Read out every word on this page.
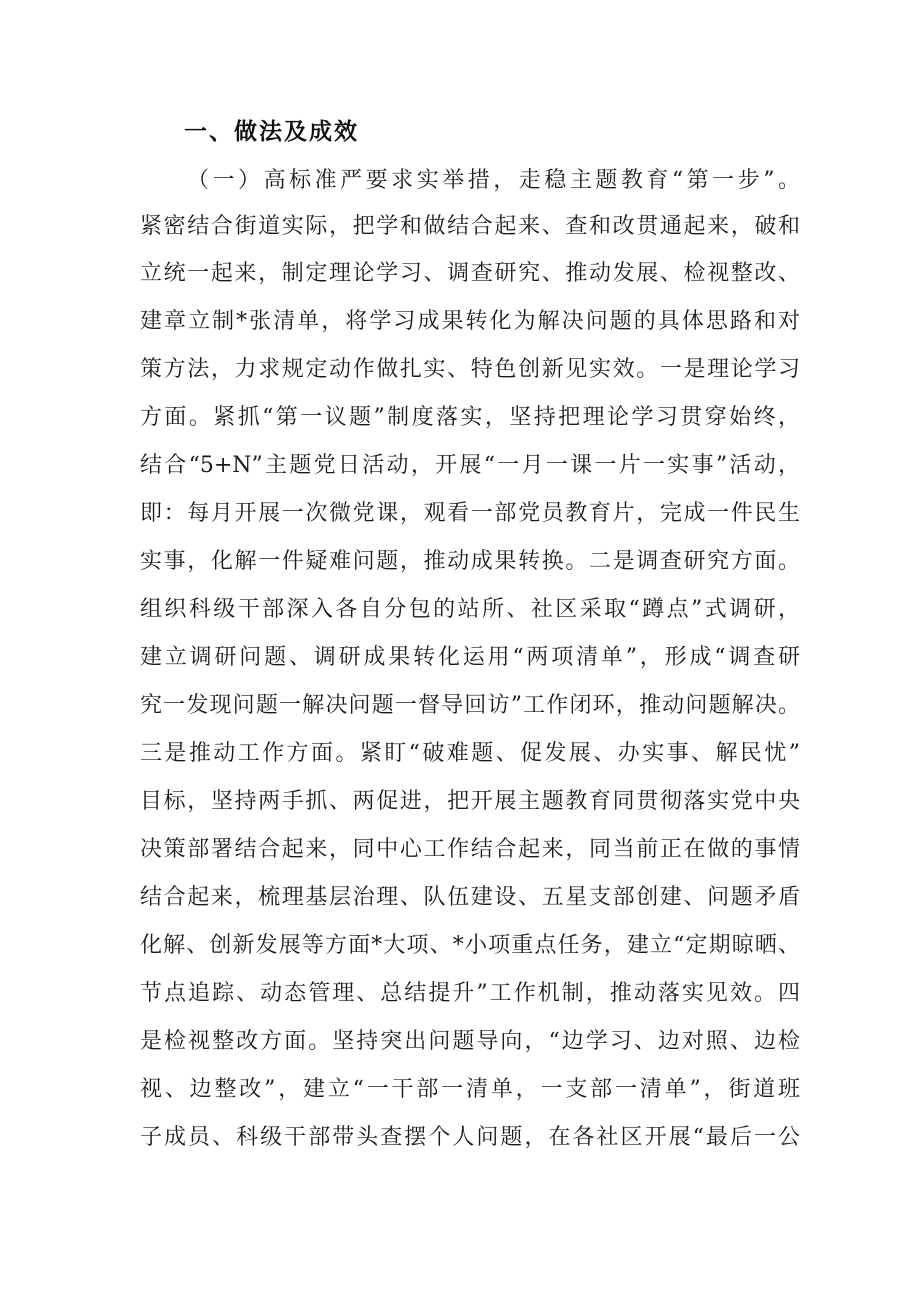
一、做法及成效
（一）高标准严要求实举措，走稳主题教育“第一步”。
紧密结合街道实际，把学和做结合起来、查和改贯通起来，破和
立统一起来，制定理论学习、调查研究、推动发展、检视整改、
建章立制*张清单，将学习成果转化为解决问题的具体思路和对
策方法，力求规定动作做扎实、特色创新见实效。一是理论学习
方面。紧抓“第一议题”制度落实，坚持把理论学习贯穿始终，
结合“5+N”主题党日活动，开展“一月一课一片一实事”活动，
即：每月开展一次微党课，观看一部党员教育片，完成一件民生
实事，化解一件疑难问题，推动成果转换。二是调查研究方面。
组织科级干部深入各自分包的站所、社区采取“蹲点”式调研，
建立调研问题、调研成果转化运用“两项清单”，形成“调查研
究一发现问题一解决问题一督导回访”工作闭环，推动问题解决。
三是推动工作方面。紧盯“破难题、促发展、办实事、解民忧”
目标，坚持两手抓、两促进，把开展主题教育同贯彻落实党中央
决策部署结合起来，同中心工作结合起来，同当前正在做的事情
结合起来，梳理基层治理、队伍建设、五星支部创建、问题矛盾
化解、创新发展等方面*大项、*小项重点任务，建立“定期晾晒、
节点追踪、动态管理、总结提升”工作机制，推动落实见效。四
是检视整改方面。坚持突出问题导向，“边学习、边对照、边检
视、边整改”，建立“一干部一清单，一支部一清单”，街道班
子成员、科级干部带头查摆个人问题，在各社区开展“最后一公
